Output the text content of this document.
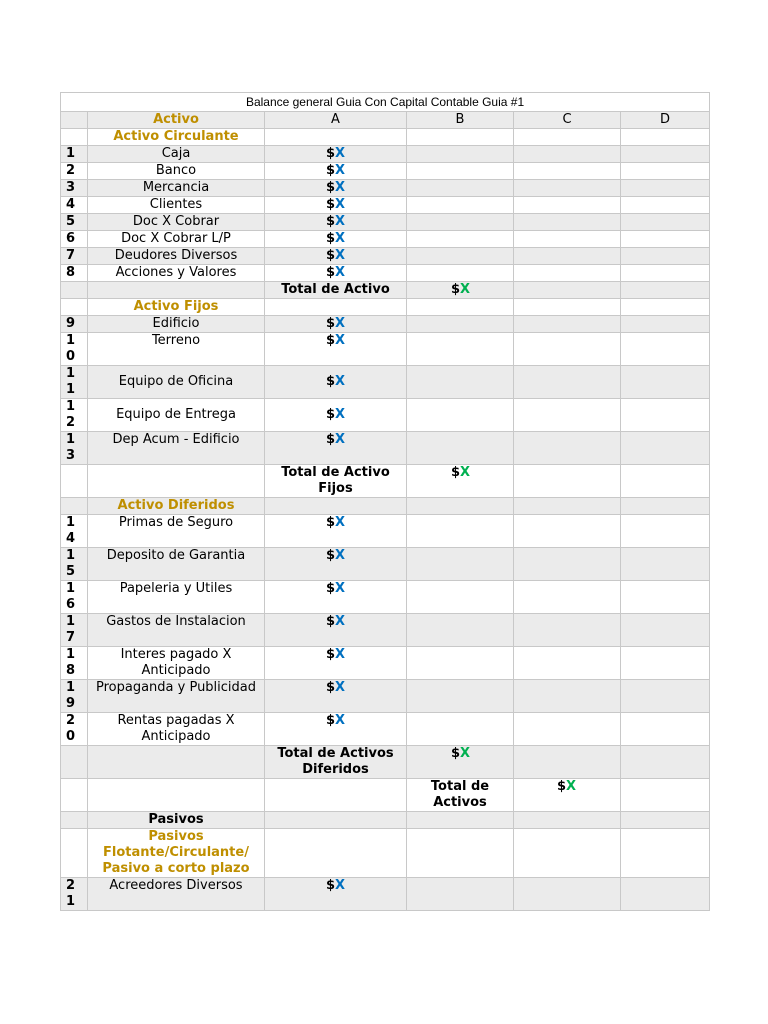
Balance general Guia Con Capital Contable Guia #1					
	Activo	A	B	C	D
	Activo Circulante				
1	Caja	$X			
2	Banco	$X			
3	Mercancia	$X			
4	Clientes	$X			
5	Doc X Cobrar	$X			
6	Doc X Cobrar L/P	$X			
7	Deudores Diversos	$X			
8	Acciones y Valores	$X			
		Total de Activo	$X		
	Activo Fijos				
9	Edificio	$X			
10	Terreno	$X			
11	Equipo de Oficina	$X			
12	Equipo de Entrega	$X			
13	Dep Acum - Edificio	$X			
		Total de Activo Fijos	$X		
	Activo Diferidos				
14	Primas de Seguro	$X			
15	Deposito de Garantia	$X			
16	Papeleria y Utiles	$X			
17	Gastos de Instalacion	$X			
18	Interes pagado X Anticipado	$X			
19	Propaganda y Publicidad	$X			
20	Rentas pagadas X Anticipado	$X			
		Total de Activos Diferidos	$X		
			Total de Activos	$X	
	Pasivos				
	Pasivos Flotante/Circulante/ Pasivo a corto plazo				
21	Acreedores Diversos	$X			
